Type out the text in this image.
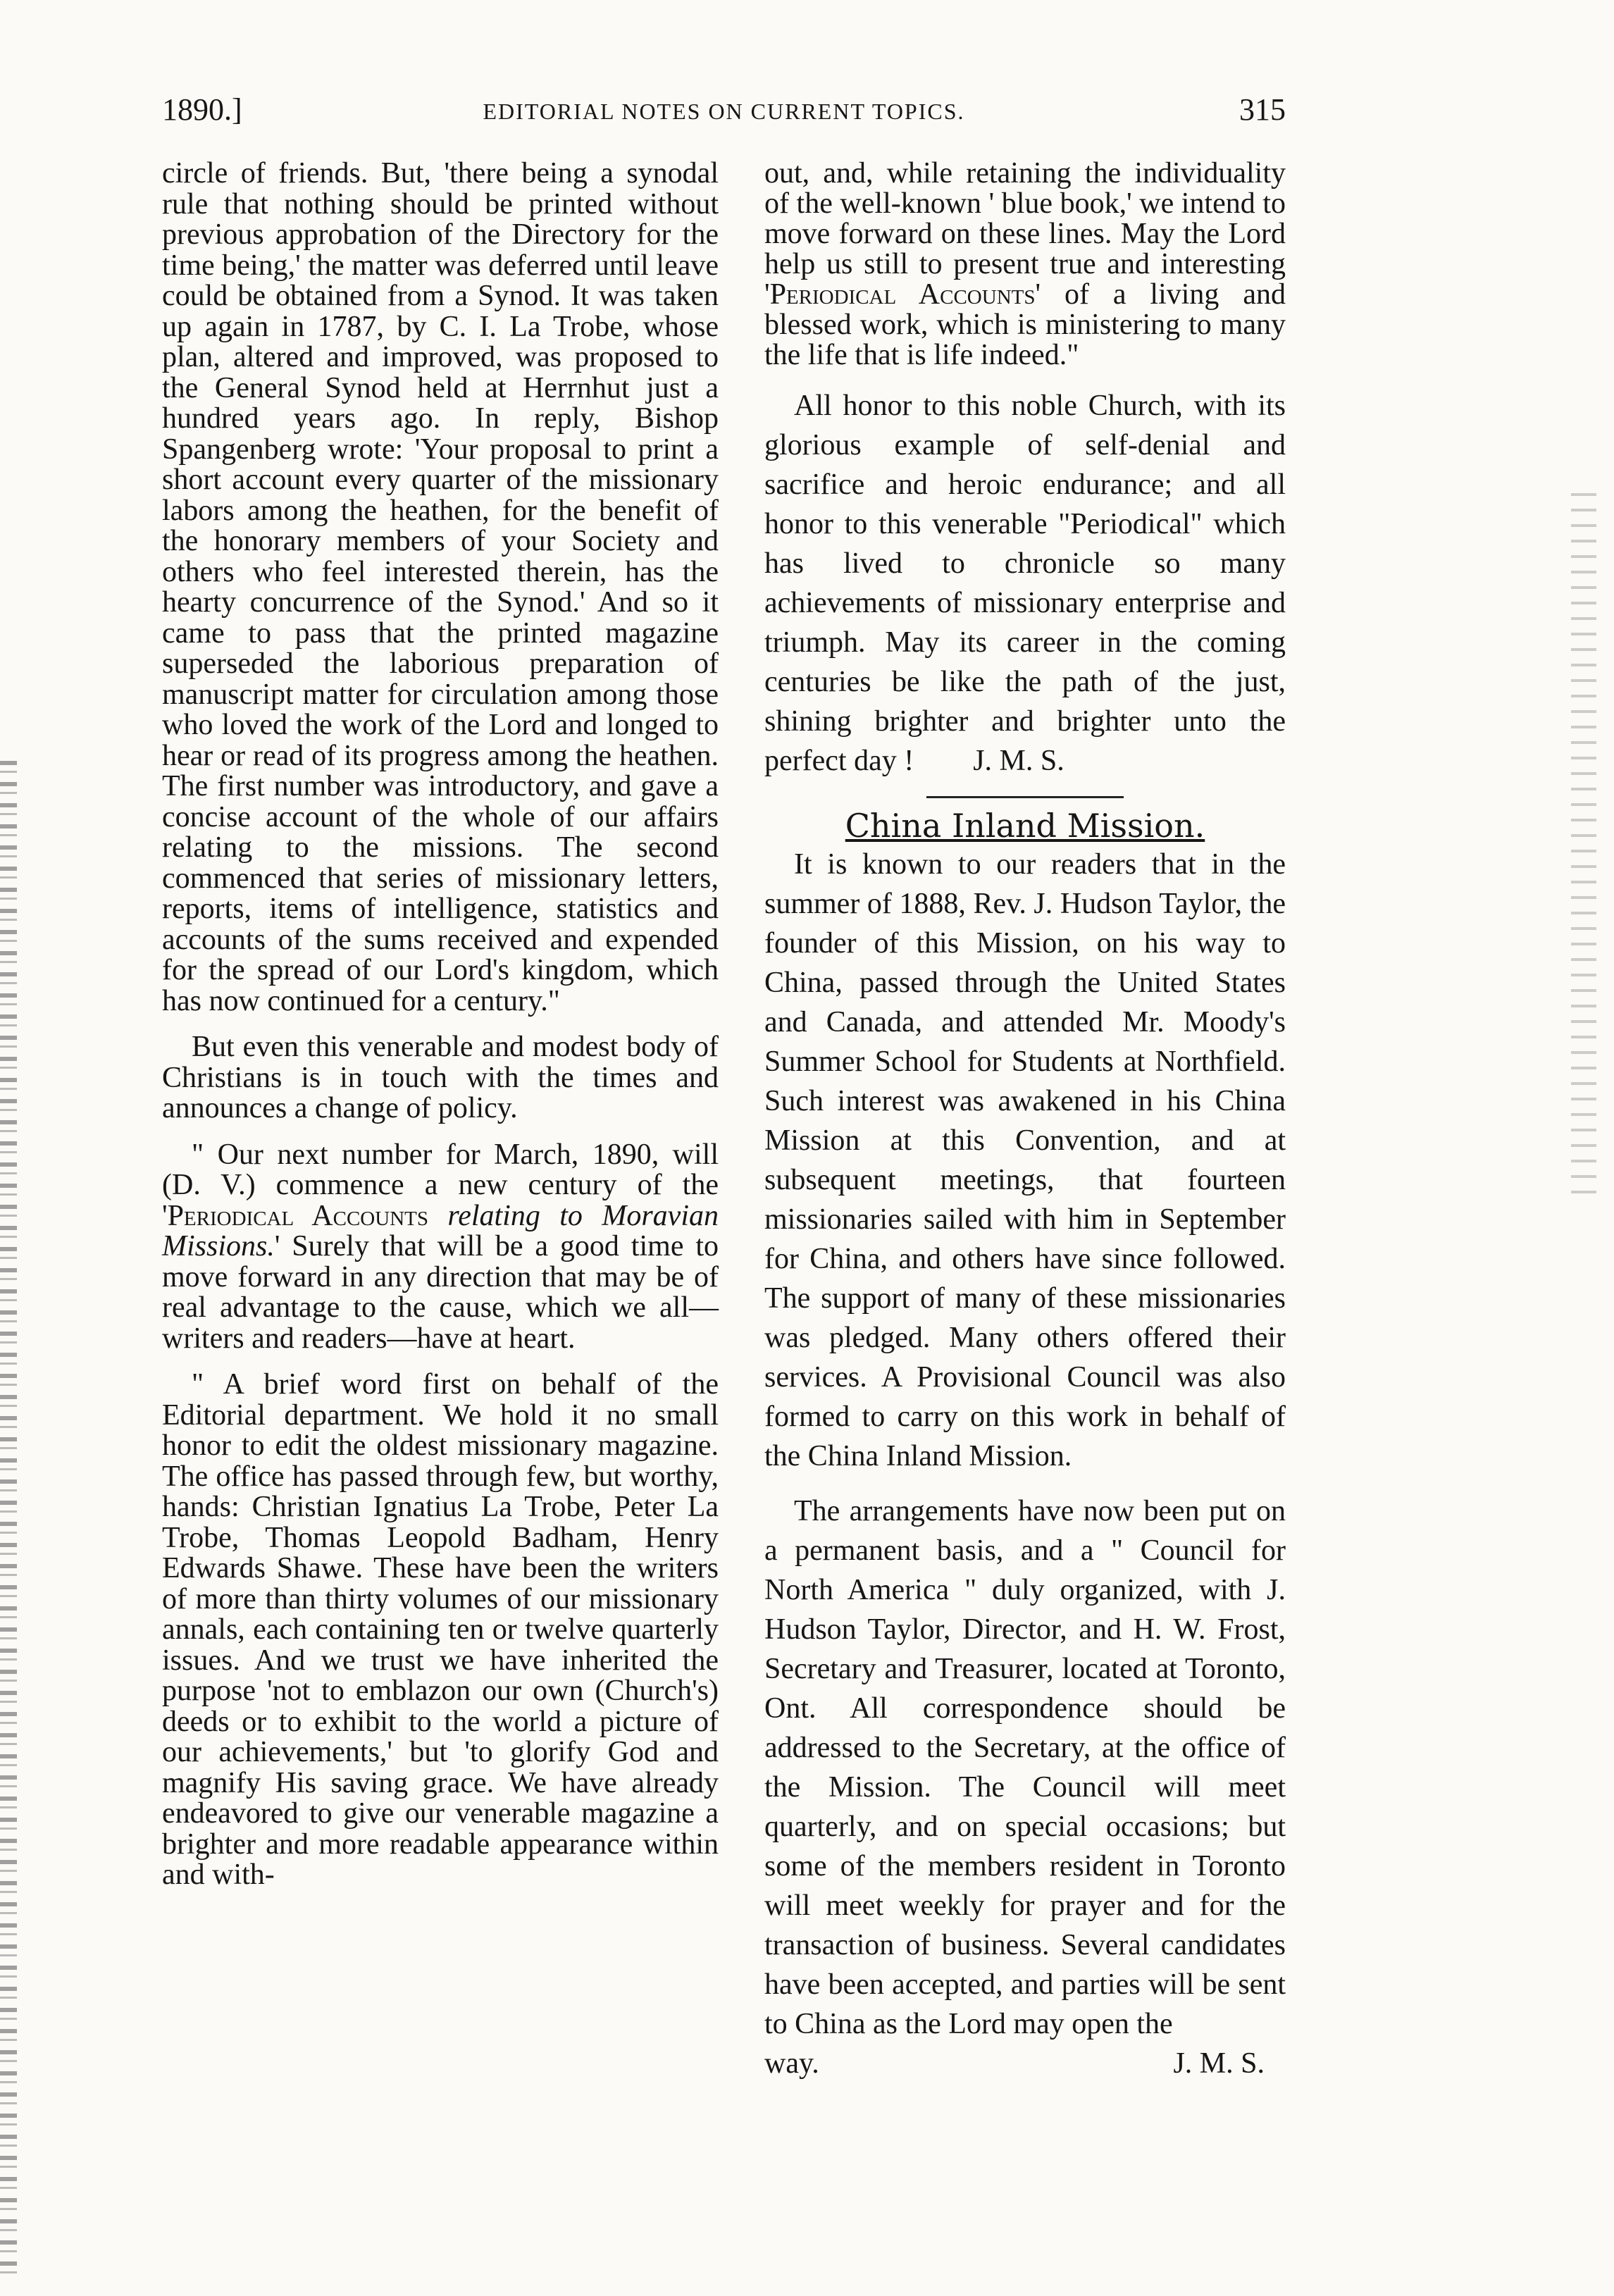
1890.]	EDITORIAL NOTES ON CURRENT TOPICS.	315

circle of friends. But, 'there being a synodal rule that nothing should be printed without previous approbation of the Directory for the time being,' the matter was deferred until leave could be obtained from a Synod. It was taken up again in 1787, by C. I. La Trobe, whose plan, altered and improved, was proposed to the General Synod held at Herrnhut just a hundred years ago. In reply, Bishop Spangenberg wrote: 'Your proposal to print a short account every quarter of the missionary labors among the heathen, for the benefit of the honorary members of your Society and others who feel interested therein, has the hearty concurrence of the Synod.' And so it came to pass that the printed magazine superseded the laborious preparation of manuscript matter for circulation among those who loved the work of the Lord and longed to hear or read of its progress among the heathen. The first number was introductory, and gave a concise account of the whole of our affairs relating to the missions. The second commenced that series of missionary letters, reports, items of intelligence, statistics and accounts of the sums received and expended for the spread of our Lord's kingdom, which has now continued for a century."

But even this venerable and modest body of Christians is in touch with the times and announces a change of policy.

" Our next number for March, 1890, will (D. V.) commence a new century of the 'Periodical Accounts relating to Moravian Missions.' Surely that will be a good time to move forward in any direction that may be of real advantage to the cause, which we all—writers and readers—have at heart.

" A brief word first on behalf of the Editorial department. We hold it no small honor to edit the oldest missionary magazine. The office has passed through few, but worthy, hands: Christian Ignatius La Trobe, Peter La Trobe, Thomas Leopold Badham, Henry Edwards Shawe. These have been the writers of more than thirty volumes of our missionary annals, each containing ten or twelve quarterly issues. And we trust we have inherited the purpose 'not to emblazon our own (Church's) deeds or to exhibit to the world a picture of our achievements,' but 'to glorify God and magnify His saving grace. We have already endeavored to give our venerable magazine a brighter and more readable appearance within and with-

out, and, while retaining the individuality of the well-known ' blue book,' we intend to move forward on these lines. May the Lord help us still to present true and interesting 'Periodical Accounts' of a living and blessed work, which is ministering to many the life that is life indeed."

All honor to this noble Church, with its glorious example of self-denial and sacrifice and heroic endurance; and all honor to this venerable "Periodical" which has lived to chronicle so many achievements of missionary enterprise and triumph. May its career in the coming centuries be like the path of the just, shining brighter and brighter unto the perfect day ! J. M. S.

China Inland Mission.

It is known to our readers that in the summer of 1888, Rev. J. Hudson Taylor, the founder of this Mission, on his way to China, passed through the United States and Canada, and attended Mr. Moody's Summer School for Students at Northfield. Such interest was awakened in his China Mission at this Convention, and at subsequent meetings, that fourteen missionaries sailed with him in September for China, and others have since followed. The support of many of these missionaries was pledged. Many others offered their services. A Provisional Council was also formed to carry on this work in behalf of the China Inland Mission.

The arrangements have now been put on a permanent basis, and a " Council for North America " duly organized, with J. Hudson Taylor, Director, and H. W. Frost, Secretary and Treasurer, located at Toronto, Ont. All correspondence should be addressed to the Secretary, at the office of the Mission. The Council will meet quarterly, and on special occasions; but some of the members resident in Toronto will meet weekly for prayer and for the transaction of business. Several candidates have been accepted, and parties will be sent to China as the Lord may open the

way.	J. M. S.
